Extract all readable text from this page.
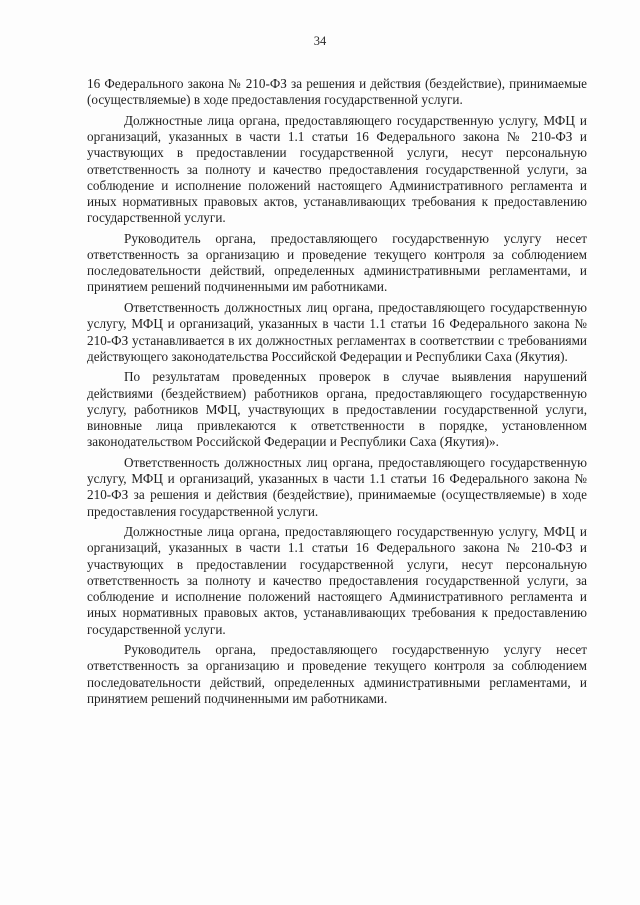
34

16 Федерального закона № 210-ФЗ за решения и действия (бездействие), принимаемые (осуществляемые) в ходе предоставления государственной услуги.

Должностные лица органа, предоставляющего государственную услугу, МФЦ и организаций, указанных в части 1.1 статьи 16 Федерального закона № 210-ФЗ и участвующих в предоставлении государственной услуги, несут персональную ответственность за полноту и качество предоставления государственной услуги, за соблюдение и исполнение положений настоящего Административного регламента и иных нормативных правовых актов, устанавливающих требования к предоставлению государственной услуги.

Руководитель органа, предоставляющего государственную услугу несет ответственность за организацию и проведение текущего контроля за соблюдением последовательности действий, определенных административными регламентами, и принятием решений подчиненными им работниками.

Ответственность должностных лиц органа, предоставляющего государственную услугу, МФЦ и организаций, указанных в части 1.1 статьи 16 Федерального закона № 210-ФЗ устанавливается в их должностных регламентах в соответствии с требованиями действующего законодательства Российской Федерации и Республики Саха (Якутия).

По результатам проведенных проверок в случае выявления нарушений действиями (бездействием) работников органа, предоставляющего государственную услугу, работников МФЦ, участвующих в предоставлении государственной услуги, виновные лица привлекаются к ответственности в порядке, установленном законодательством Российской Федерации и Республики Саха (Якутия)».

Ответственность должностных лиц органа, предоставляющего государственную услугу, МФЦ и организаций, указанных в части 1.1 статьи 16 Федерального закона № 210-ФЗ за решения и действия (бездействие), принимаемые (осуществляемые) в ходе предоставления государственной услуги.

Должностные лица органа, предоставляющего государственную услугу, МФЦ и организаций, указанных в части 1.1 статьи 16 Федерального закона № 210-ФЗ и участвующих в предоставлении государственной услуги, несут персональную ответственность за полноту и качество предоставления государственной услуги, за соблюдение и исполнение положений настоящего Административного регламента и иных нормативных правовых актов, устанавливающих требования к предоставлению государственной услуги.

Руководитель органа, предоставляющего государственную услугу несет ответственность за организацию и проведение текущего контроля за соблюдением последовательности действий, определенных административными регламентами, и принятием решений подчиненными им работниками.
